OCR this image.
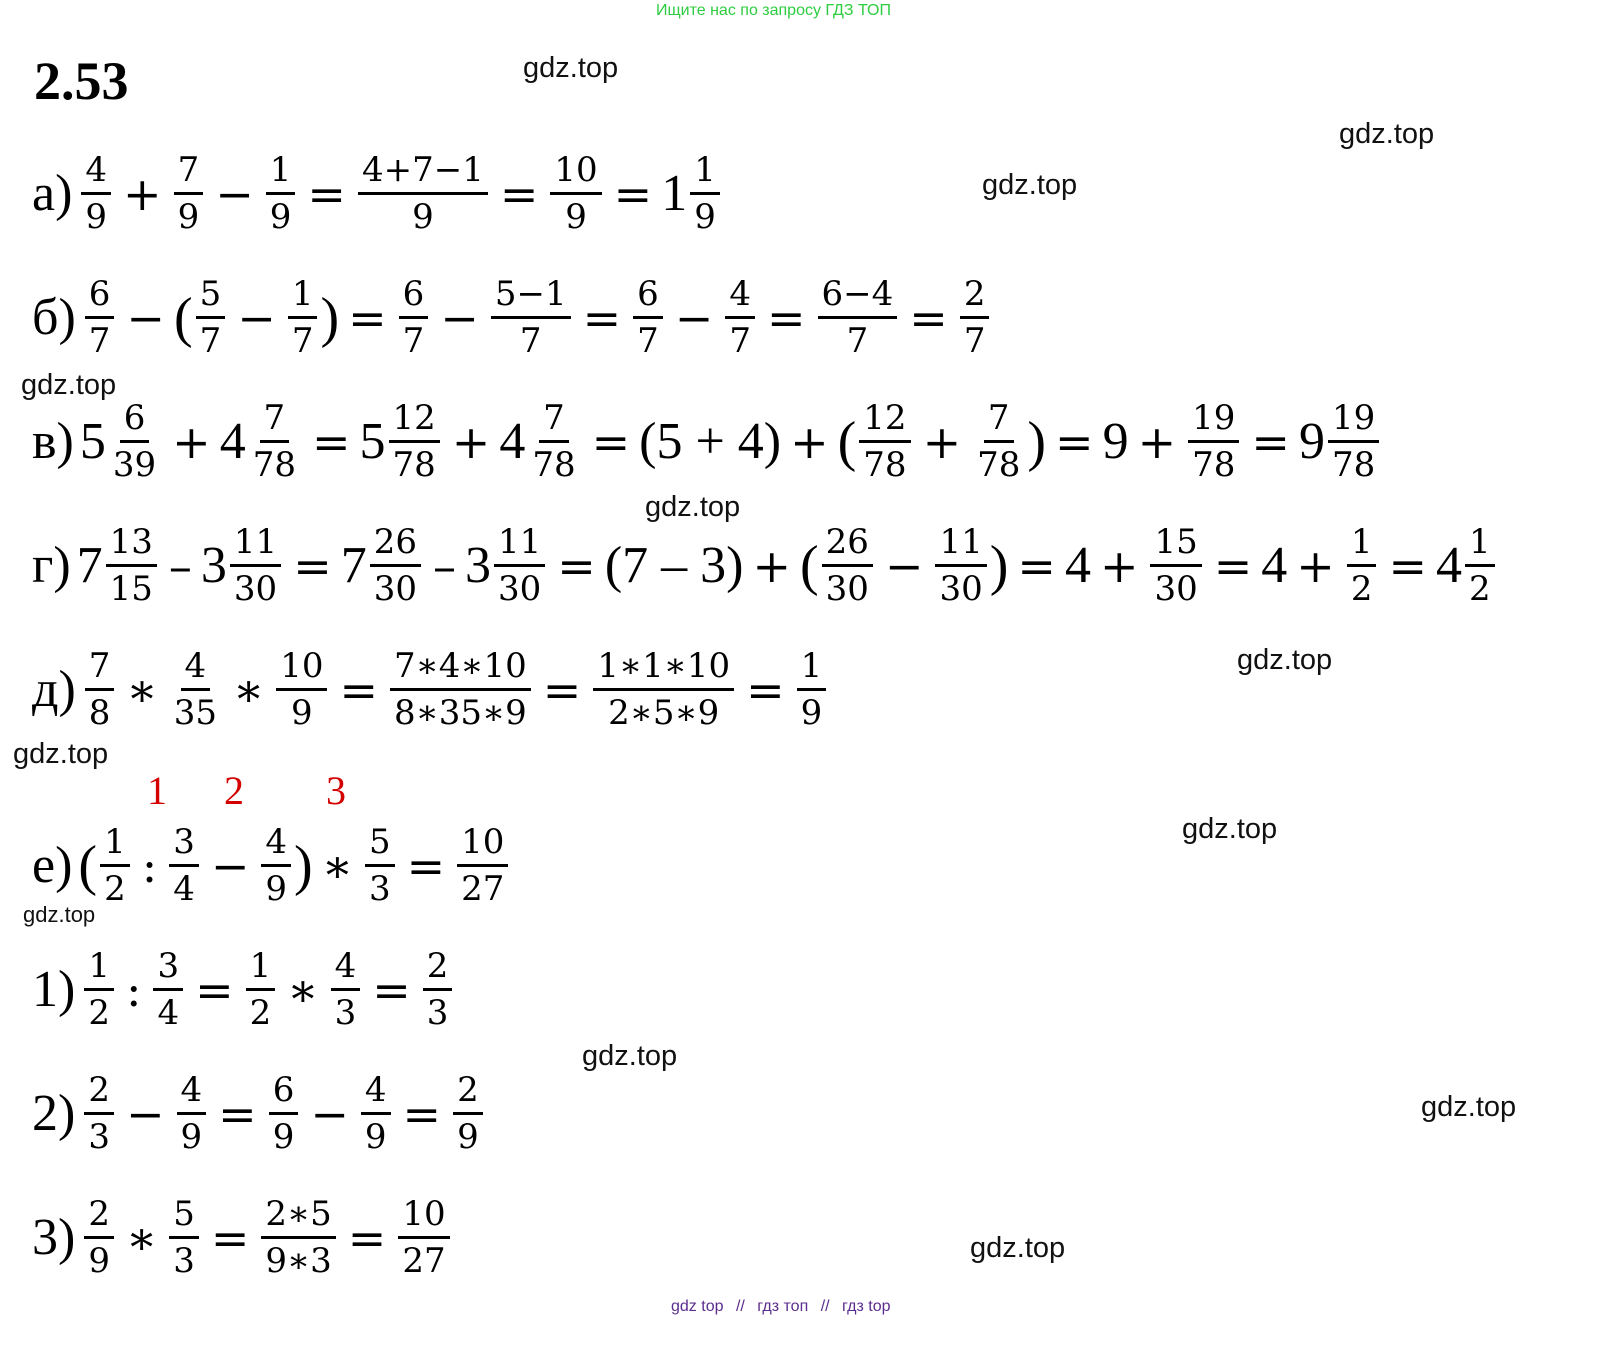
Ищите нас по запросу ГДЗ ТОП
2.53	gdz.top
gdz.top
gdz.top
gdz.top
gdz.top
gdz.top
gdz.top
gdz.top
gdz.top
gdz.top
gdz.top
gdz.top
$а) \frac{4}{9} + \frac{7}{9} - \frac{1}{9} = \frac{4+7-1}{9} = \frac{10}{9} = 1 \frac{1}{9}$
$б) \frac{6}{7}$ − ( $\frac{5}{7} - \frac{1}{7}$ ) = $\frac{6}{7} - \frac{5-1}{7} = \frac{6}{7} - \frac{4}{7} = \frac{6-4}{7} = \frac{2}{7}$
в) $5 \frac{6}{39} + 4 \frac{7}{78} = 5 \frac{12}{78} + 4 \frac{7}{78} = (5 + 4)$ + ( $\frac{12}{78} + \frac{7}{78}$ ) = $9 + \frac{19}{78} = 9 \frac{19}{78}$
г) $7 \frac{13}{15} - 3 \frac{11}{30} = 7 \frac{26}{30} - 3 \frac{11}{30} = (7 - 3)$ + ( $\frac{26}{30} - \frac{11}{30}$ ) = $4 + \frac{15}{30} = 4 + \frac{1}{2} = 4 \frac{1}{2}$
$д) \frac{7}{8}$ ∗ $\frac{4}{35}$ ∗ $\frac{10}{9} = \frac{7∗4∗10}{8∗35∗9} = \frac{1∗1∗10}{2∗5∗9} = \frac{1}{9}$
1 2 3
е) ( $\frac{1}{2}$ : $\frac{3}{4} - \frac{4}{9}$ ) ∗ $\frac{5}{3} = \frac{10}{27}$
$1) \frac{1}{2}$ : $\frac{3}{4} = \frac{1}{2}$ ∗ $\frac{4}{3} = \frac{2}{3}$
$2) \frac{2}{3} - \frac{4}{9} = \frac{6}{9} - \frac{4}{9} = \frac{2}{9}$
$3) \frac{2}{9}$ ∗ $\frac{5}{3} = \frac{2∗5}{9∗3} = \frac{10}{27}$
gdz top // гдз топ // гдз top
